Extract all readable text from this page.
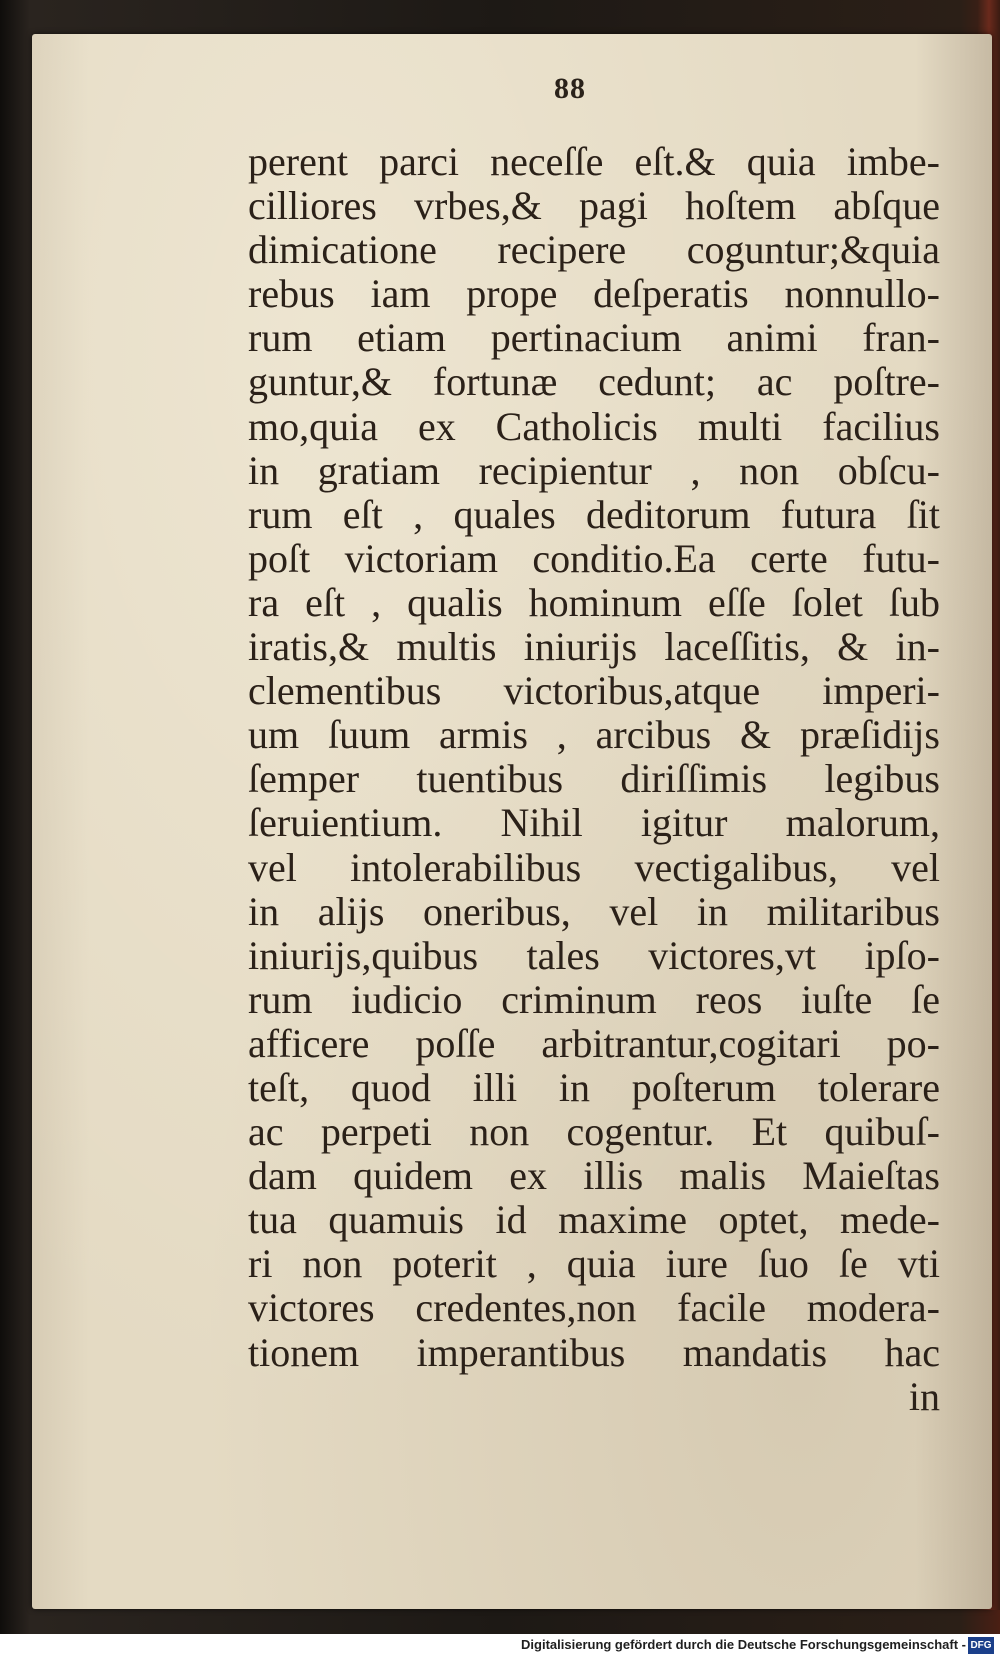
88
perent parci neceſſe eſt.& quia imbe-
cilliores vrbes,& pagi hoſtem abſque
dimicatione recipere coguntur;&quia
rebus iam prope deſperatis nonnullo-
rum etiam pertinacium animi fran-
guntur,& fortunæ cedunt; ac poſtre-
mo,quia ex Catholicis multi facilius
in gratiam recipientur , non obſcu-
rum eſt , quales deditorum futura ſit
poſt victoriam conditio.Ea certe futu-
ra eſt , qualis hominum eſſe ſolet ſub
iratis,& multis iniurijs laceſſitis, & in-
clementibus victoribus,atque imperi-
um ſuum armis , arcibus & præſidijs
ſemper tuentibus diriſſimis legibus
ſeruientium. Nihil igitur malorum,
vel intolerabilibus vectigalibus, vel
in alijs oneribus, vel in militaribus
iniurijs,quibus tales victores,vt ipſo-
rum iudicio criminum reos iuſte ſe
afficere poſſe arbitrantur,cogitari po-
teſt, quod illi in poſterum tolerare
ac perpeti non cogentur. Et quibuſ-
dam quidem ex illis malis Maieſtas
tua quamuis id maxime optet, mede-
ri non poterit , quia iure ſuo ſe vti
victores credentes,non facile modera-
tionem imperantibus mandatis hac
in
Digitalisierung gefördert durch die Deutsche Forschungsgemeinschaft - DFG
